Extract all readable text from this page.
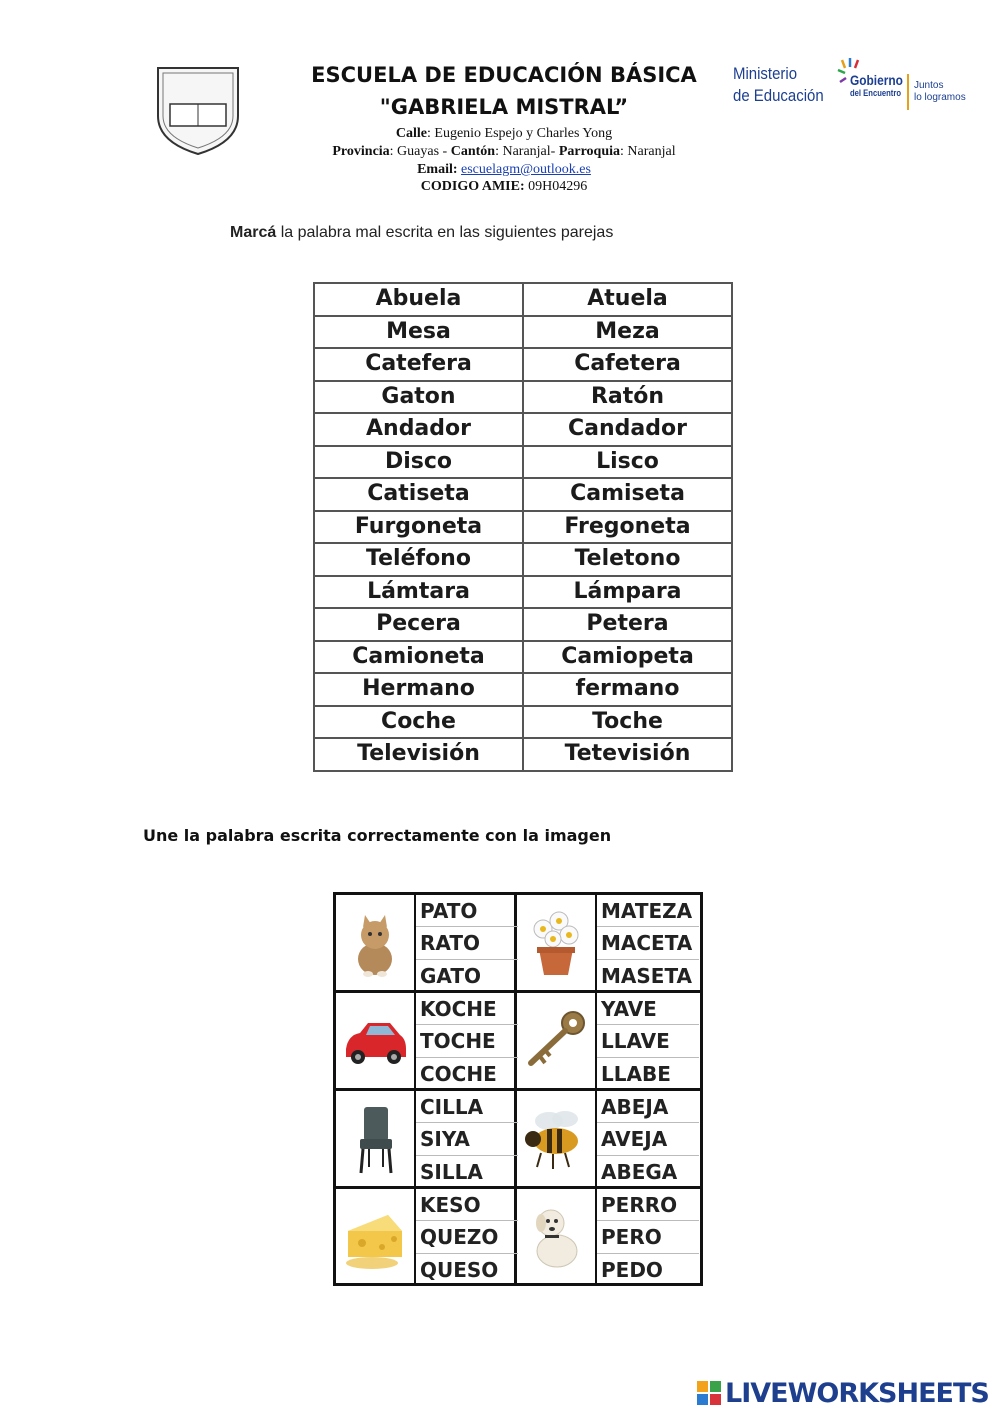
ESCUELA DE EDUCACIÓN BÁSICA
"GABRIELA MISTRAL”
Calle: Eugenio Espejo y Charles Yong
Provincia: Guayas - Cantón: Naranjal- Parroquia: Naranjal
Email: escuelagm@outlook.es
CODIGO AMIE: 09H04296
Ministerio
de Educación
Gobierno
del Encuentro
Juntos
lo logramos
Marcá la palabra mal escrita en las siguientes parejas
Abuela	Atuela
Mesa	Meza
Catefera	Cafetera
Gaton	Ratón
Andador	Candador
Disco	Lisco
Catiseta	Camiseta
Furgoneta	Fregoneta
Teléfono	Teletono
Lámtara	Lámpara
Pecera	Petera
Camioneta	Camiopeta
Hermano	fermano
Coche	Toche
Televisión	Tetevisión
Une la palabra escrita correctamente con la imagen
PATO
RATO
GATO
MATEZA
MACETA
MASETA
KOCHE
TOCHE
COCHE
YAVE
LLAVE
LLABE
CILLA
SIYA
SILLA
ABEJA
AVEJA
ABEGA
KESO
QUEZO
QUESO
PERRO
PERO
PEDO
LIVEWORKSHEETS
